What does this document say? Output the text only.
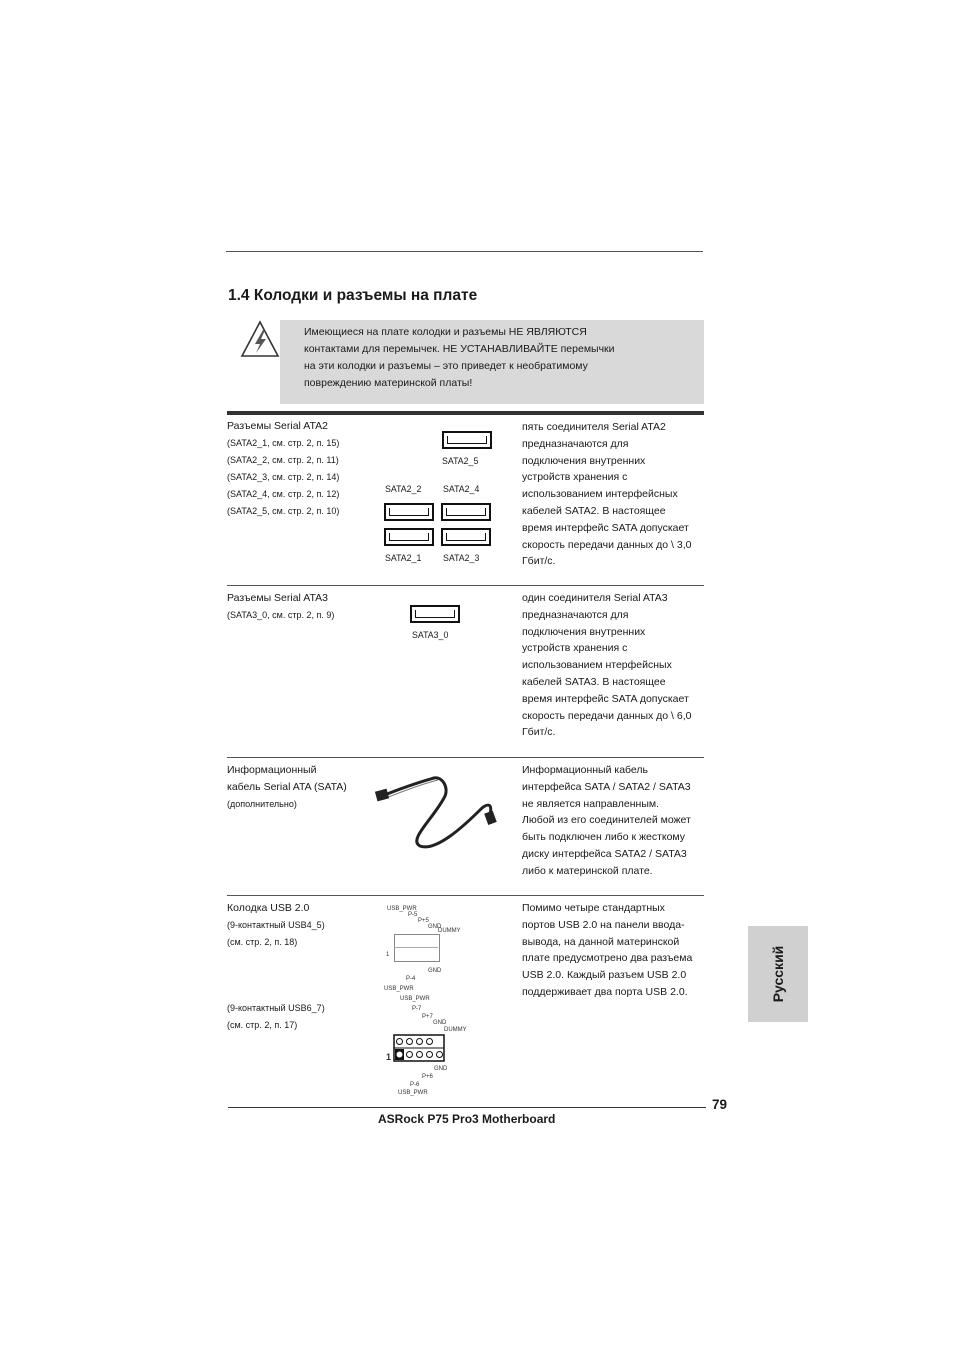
1.4 Колодки и разъемы на плате
Имеющиеся на плате колодки и разъемы НЕ ЯВЛЯЮТСЯ
контактами для перемычек. НЕ УСТАНАВЛИВАЙТЕ перемычки
на эти колодки и разъемы – это приведет к необратимому
повреждению материнской платы!
Разъемы Serial ATA2
(SATA2_1, см. стр. 2, п. 15)
(SATA2_2, см. стр. 2, п. 11)
(SATA2_3, см. стр. 2, п. 14)
(SATA2_4, см. стр. 2, п. 12)
(SATA2_5, см. стр. 2, п. 10)
SATA2_5
SATA2_2 SATA2_4
SATA2_1 SATA2_3
пять соединителя Serial ATA2
предназначаются для
подключения внутренних
устройств хранения с
использованием интерфейсных
кабелей SATA2. В настоящее
время интерфейс SATA допускает
скорость передачи данных до \ 3,0
Гбит/с.
Разъемы Serial ATA3
(SATA3_0, см. стр. 2, п. 9)
SATA3_0
один соединителя Serial ATA3
предназначаются для
подключения внутренних
устройств хранения с
использованием нтерфейсных
кабелей SATA3. В настоящее
время интерфейс SATA допускает
скорость передачи данных до \ 6,0
Гбит/с.
Информационный
кабель Serial ATA (SATA)
(дополнительно)
Информационный кабель
интерфейса SATA / SATA2 / SATA3
не является направленным.
Любой из его соединителей может
быть подключен либо к жесткому
диску интерфейса SATA2 / SATA3
либо к материнской плате.
Колодка USB 2.0
(9-контактный USB4_5)
(см. стр. 2, п. 18)
(9-контактный USB6_7)
(см. стр. 2, п. 17)
USB_PWR
P-5
P+5
GND
DUMMY
1
GND
P-4
USB_PWR
USB_PWR
P-7
P+7
GND
DUMMY
1
GND
P+6
P-6
USB_PWR
Помимо четыре стандартных
портов USB 2.0 на панели ввода-
вывода, на данной материнской
плате предусмотрено два разъема
USB 2.0. Каждый разъем USB 2.0
поддерживает два порта USB 2.0.	Русский
79
ASRock P75 Pro3 Motherboard
